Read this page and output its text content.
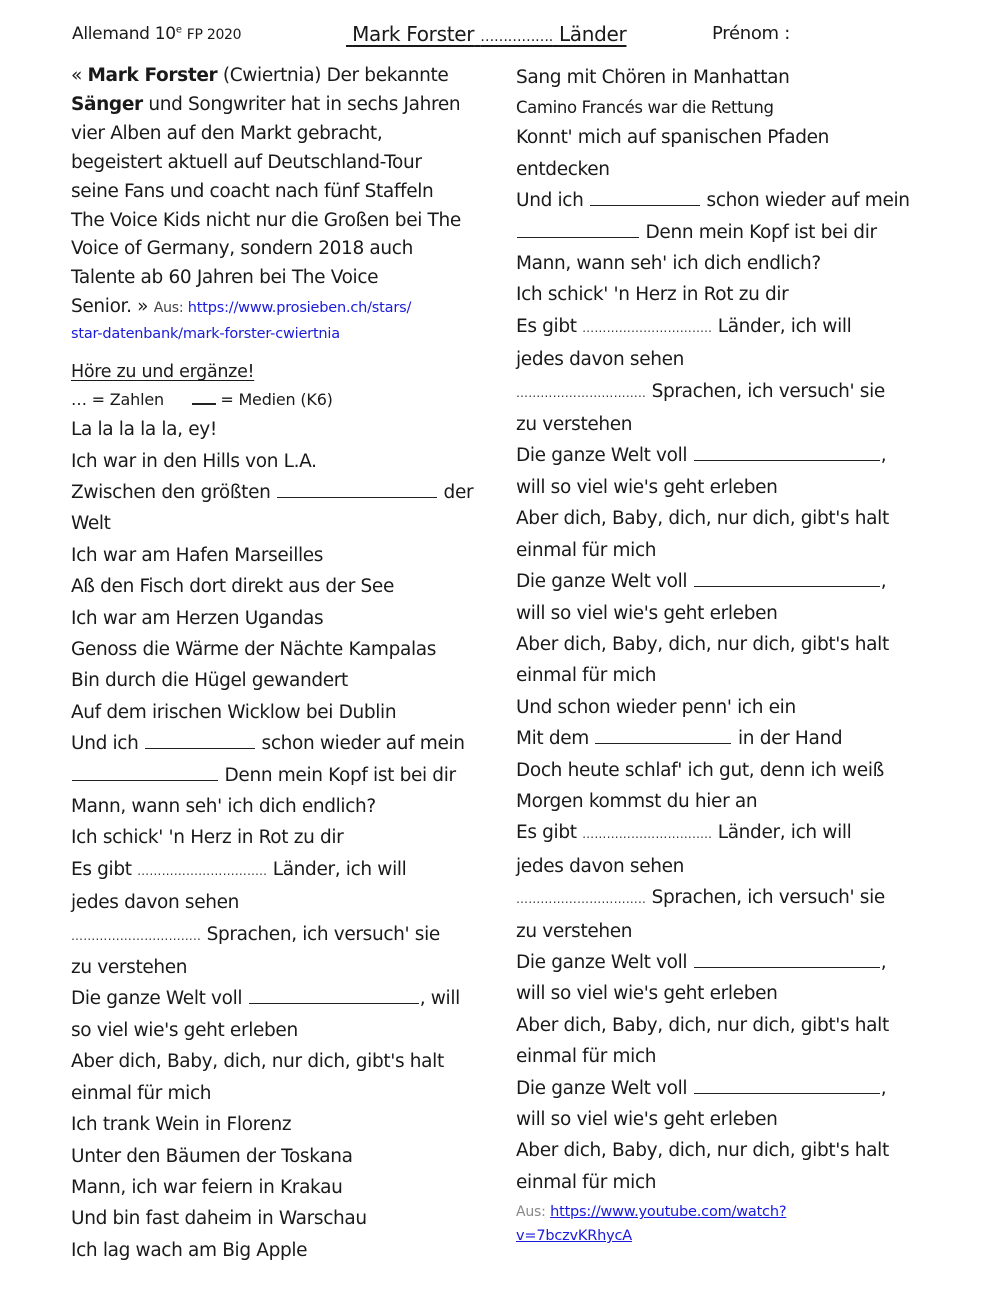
Allemand 10e FP 2020	Mark Forster ……………. Länder	Prénom :
« Mark Forster (Cwiertnia) Der bekannte
Sänger und Songwriter hat in sechs Jahren
vier Alben auf den Markt gebracht,
begeistert aktuell auf Deutschland-Tour
seine Fans und coacht nach fünf Staffeln
The Voice Kids nicht nur die Großen bei The
Voice of Germany, sondern 2018 auch
Talente ab 60 Jahren bei The Voice
Senior. » Aus: https://www.prosieben.ch/stars/
star-datenbank/mark-forster-cwiertnia
Höre zu und ergänze!
… = Zahlen	= Medien (K6)
La la la la la, ey!
Ich war in den Hills von L.A.
Zwischen den größten	der
Welt
Ich war am Hafen Marseilles
Aß den Fisch dort direkt aus der See
Ich war am Herzen Ugandas
Genoss die Wärme der Nächte Kampalas
Bin durch die Hügel gewandert
Auf dem irischen Wicklow bei Dublin
Und ich	schon wieder auf mein
Denn mein Kopf ist bei dir
Mann, wann seh' ich dich endlich?
Ich schick' 'n Herz in Rot zu dir
Es gibt ………………………….. Länder, ich will
jedes davon sehen
………………………….. Sprachen, ich versuch' sie
zu verstehen
Die ganze Welt voll	, will
so viel wie's geht erleben
Aber dich, Baby, dich, nur dich, gibt's halt
einmal für mich
Ich trank Wein in Florenz
Unter den Bäumen der Toskana
Mann, ich war feiern in Krakau
Und bin fast daheim in Warschau
Ich lag wach am Big Apple
Sang mit Chören in Manhattan
Camino Francés war die Rettung
Konnt' mich auf spanischen Pfaden
entdecken
Und ich	schon wieder auf mein
Denn mein Kopf ist bei dir
Mann, wann seh' ich dich endlich?
Ich schick' 'n Herz in Rot zu dir
Es gibt ………………………….. Länder, ich will
jedes davon sehen
………………………….. Sprachen, ich versuch' sie
zu verstehen
Die ganze Welt voll	,
will so viel wie's geht erleben
Aber dich, Baby, dich, nur dich, gibt's halt
einmal für mich
Die ganze Welt voll	,
will so viel wie's geht erleben
Aber dich, Baby, dich, nur dich, gibt's halt
einmal für mich
Und schon wieder penn' ich ein
Mit dem	in der Hand
Doch heute schlaf' ich gut, denn ich weiß
Morgen kommst du hier an
Es gibt ………………………….. Länder, ich will
jedes davon sehen
………………………….. Sprachen, ich versuch' sie
zu verstehen
Die ganze Welt voll	,
will so viel wie's geht erleben
Aber dich, Baby, dich, nur dich, gibt's halt
einmal für mich
Die ganze Welt voll	,
will so viel wie's geht erleben
Aber dich, Baby, dich, nur dich, gibt's halt
einmal für mich
Aus: https://www.youtube.com/watch?
v=7bczvKRhycA
